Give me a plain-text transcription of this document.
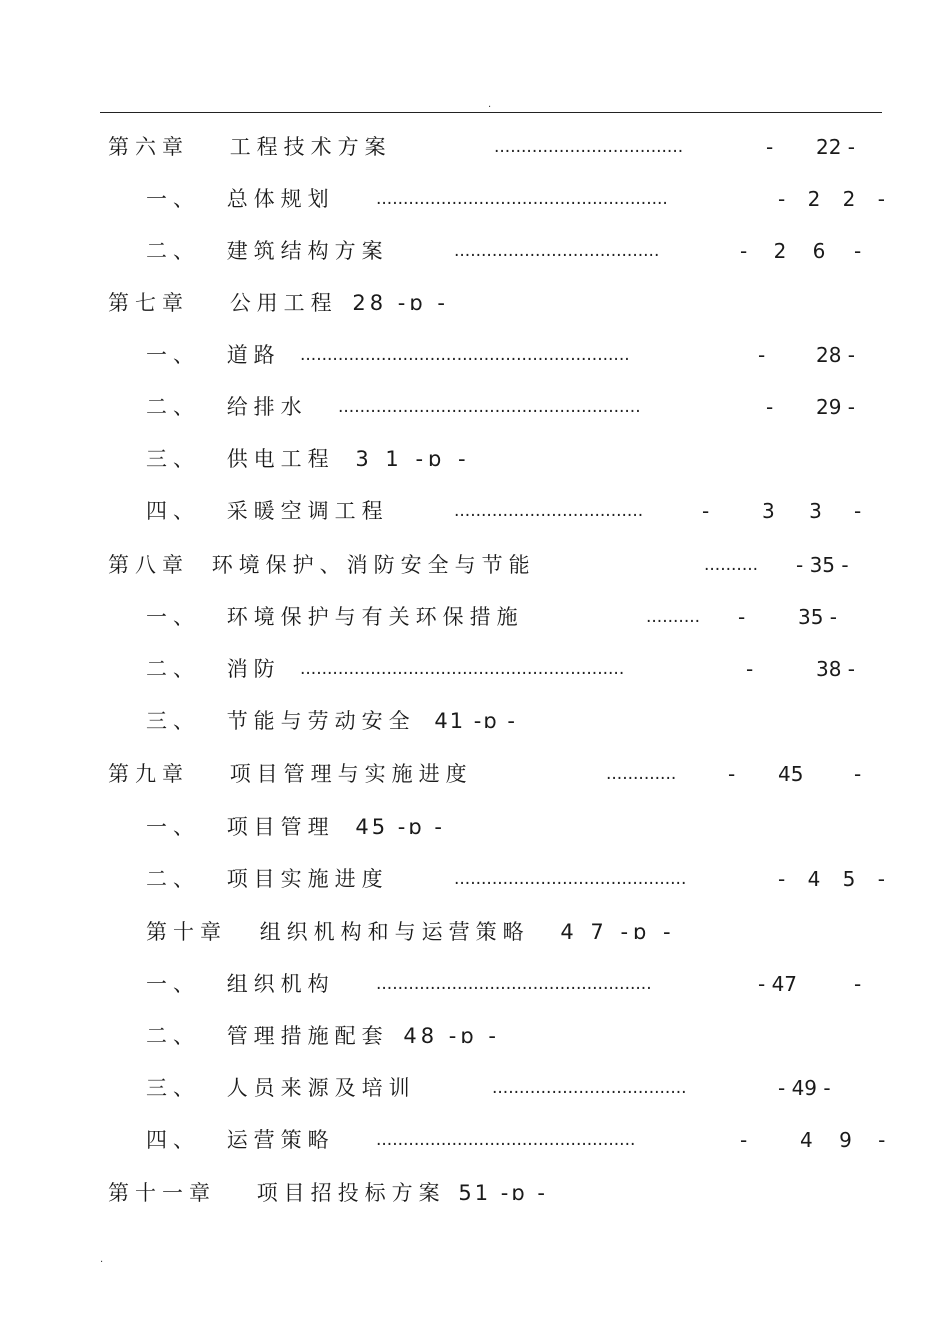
.
第六章 工程技术方案	...................................	- 22 -
一、 总体规划 ......................................................	- 2 2 -
二、 建筑结构方案	......................................	- 2 6 -
第七章 公用工程 28 -ɒ -
一、 道路 .............................................................	-	28 -
二、 给排水 ........................................................	- 29 -
三、 供电工程 3 1 -ɒ -
四、 采暖空调工程	...................................	-	3 3 -
第八章 环境保护、消防安全与节能	..........	- 35 -
一、 环境保护与有关环保措施	..........	-	35 -
二、 消防 ............................................................	-	38 -
三、 节能与劳动安全 41 -ɒ -
第九章 项目管理与实施进度	.............	- 45	-
一、 项目管理 45 -ɒ -
二、 项目实施进度	...........................................	- 4 5 -
第十章 组织机构和与运营策略 4 7 -ɒ -
一、 组织机构 ...................................................	- 47	-
二、 管理措施配套 48 -ɒ -
三、 人员来源及培训	....................................	- 49 -
四、 运营策略 ................................................	-	4 9 -
第十一章 项目招投标方案 51 -ɒ -
.
